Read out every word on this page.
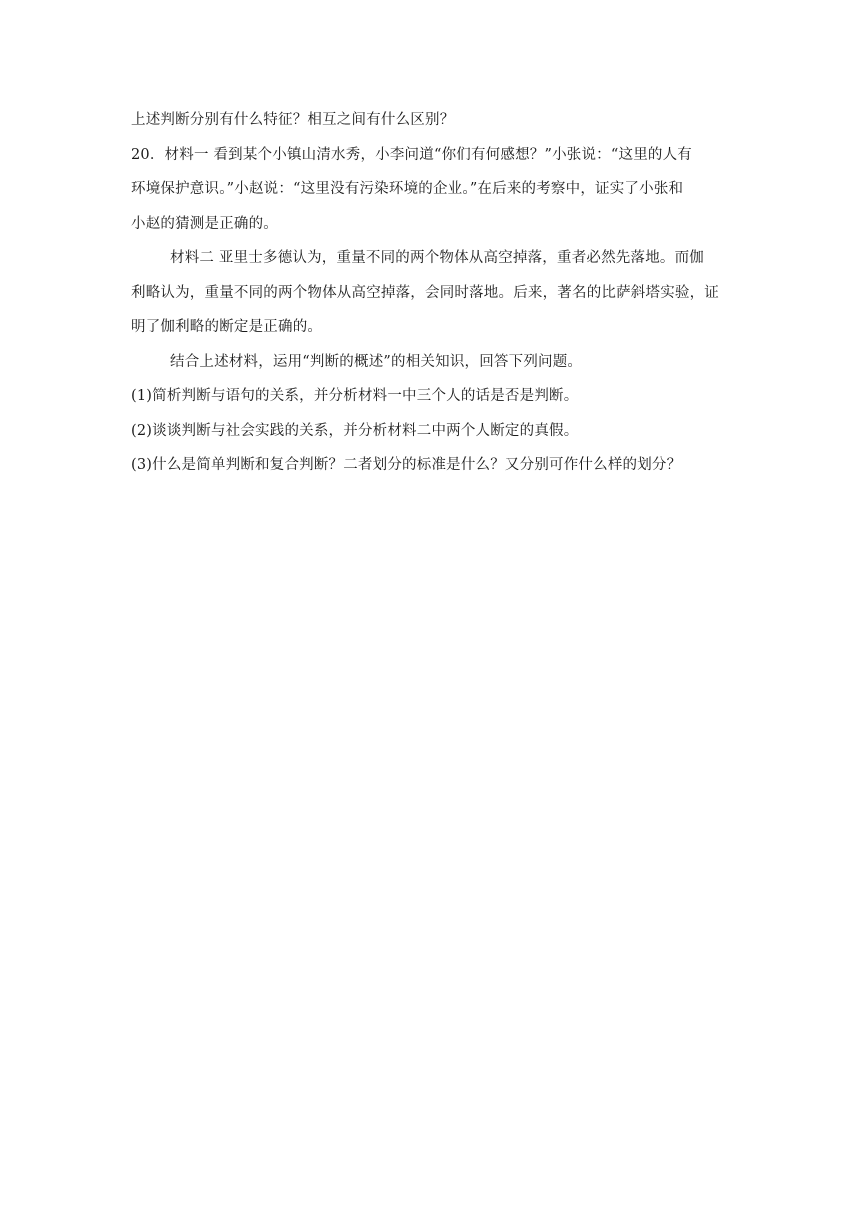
上述判断分别有什么特征？相互之间有什么区别？
20．材料一 看到某个小镇山清水秀，小李问道“你们有何感想？”小张说：“这里的人有
环境保护意识。”小赵说：“这里没有污染环境的企业。”在后来的考察中，证实了小张和
小赵的猜测是正确的。
材料二 亚里士多德认为，重量不同的两个物体从高空掉落，重者必然先落地。而伽
利略认为，重量不同的两个物体从高空掉落，会同时落地。后来，著名的比萨斜塔实验，证
明了伽利略的断定是正确的。
结合上述材料，运用“判断的概述”的相关知识，回答下列问题。
(1)简析判断与语句的关系，并分析材料一中三个人的话是否是判断。
(2)谈谈判断与社会实践的关系，并分析材料二中两个人断定的真假。
(3)什么是简单判断和复合判断？二者划分的标准是什么？又分别可作什么样的划分？
